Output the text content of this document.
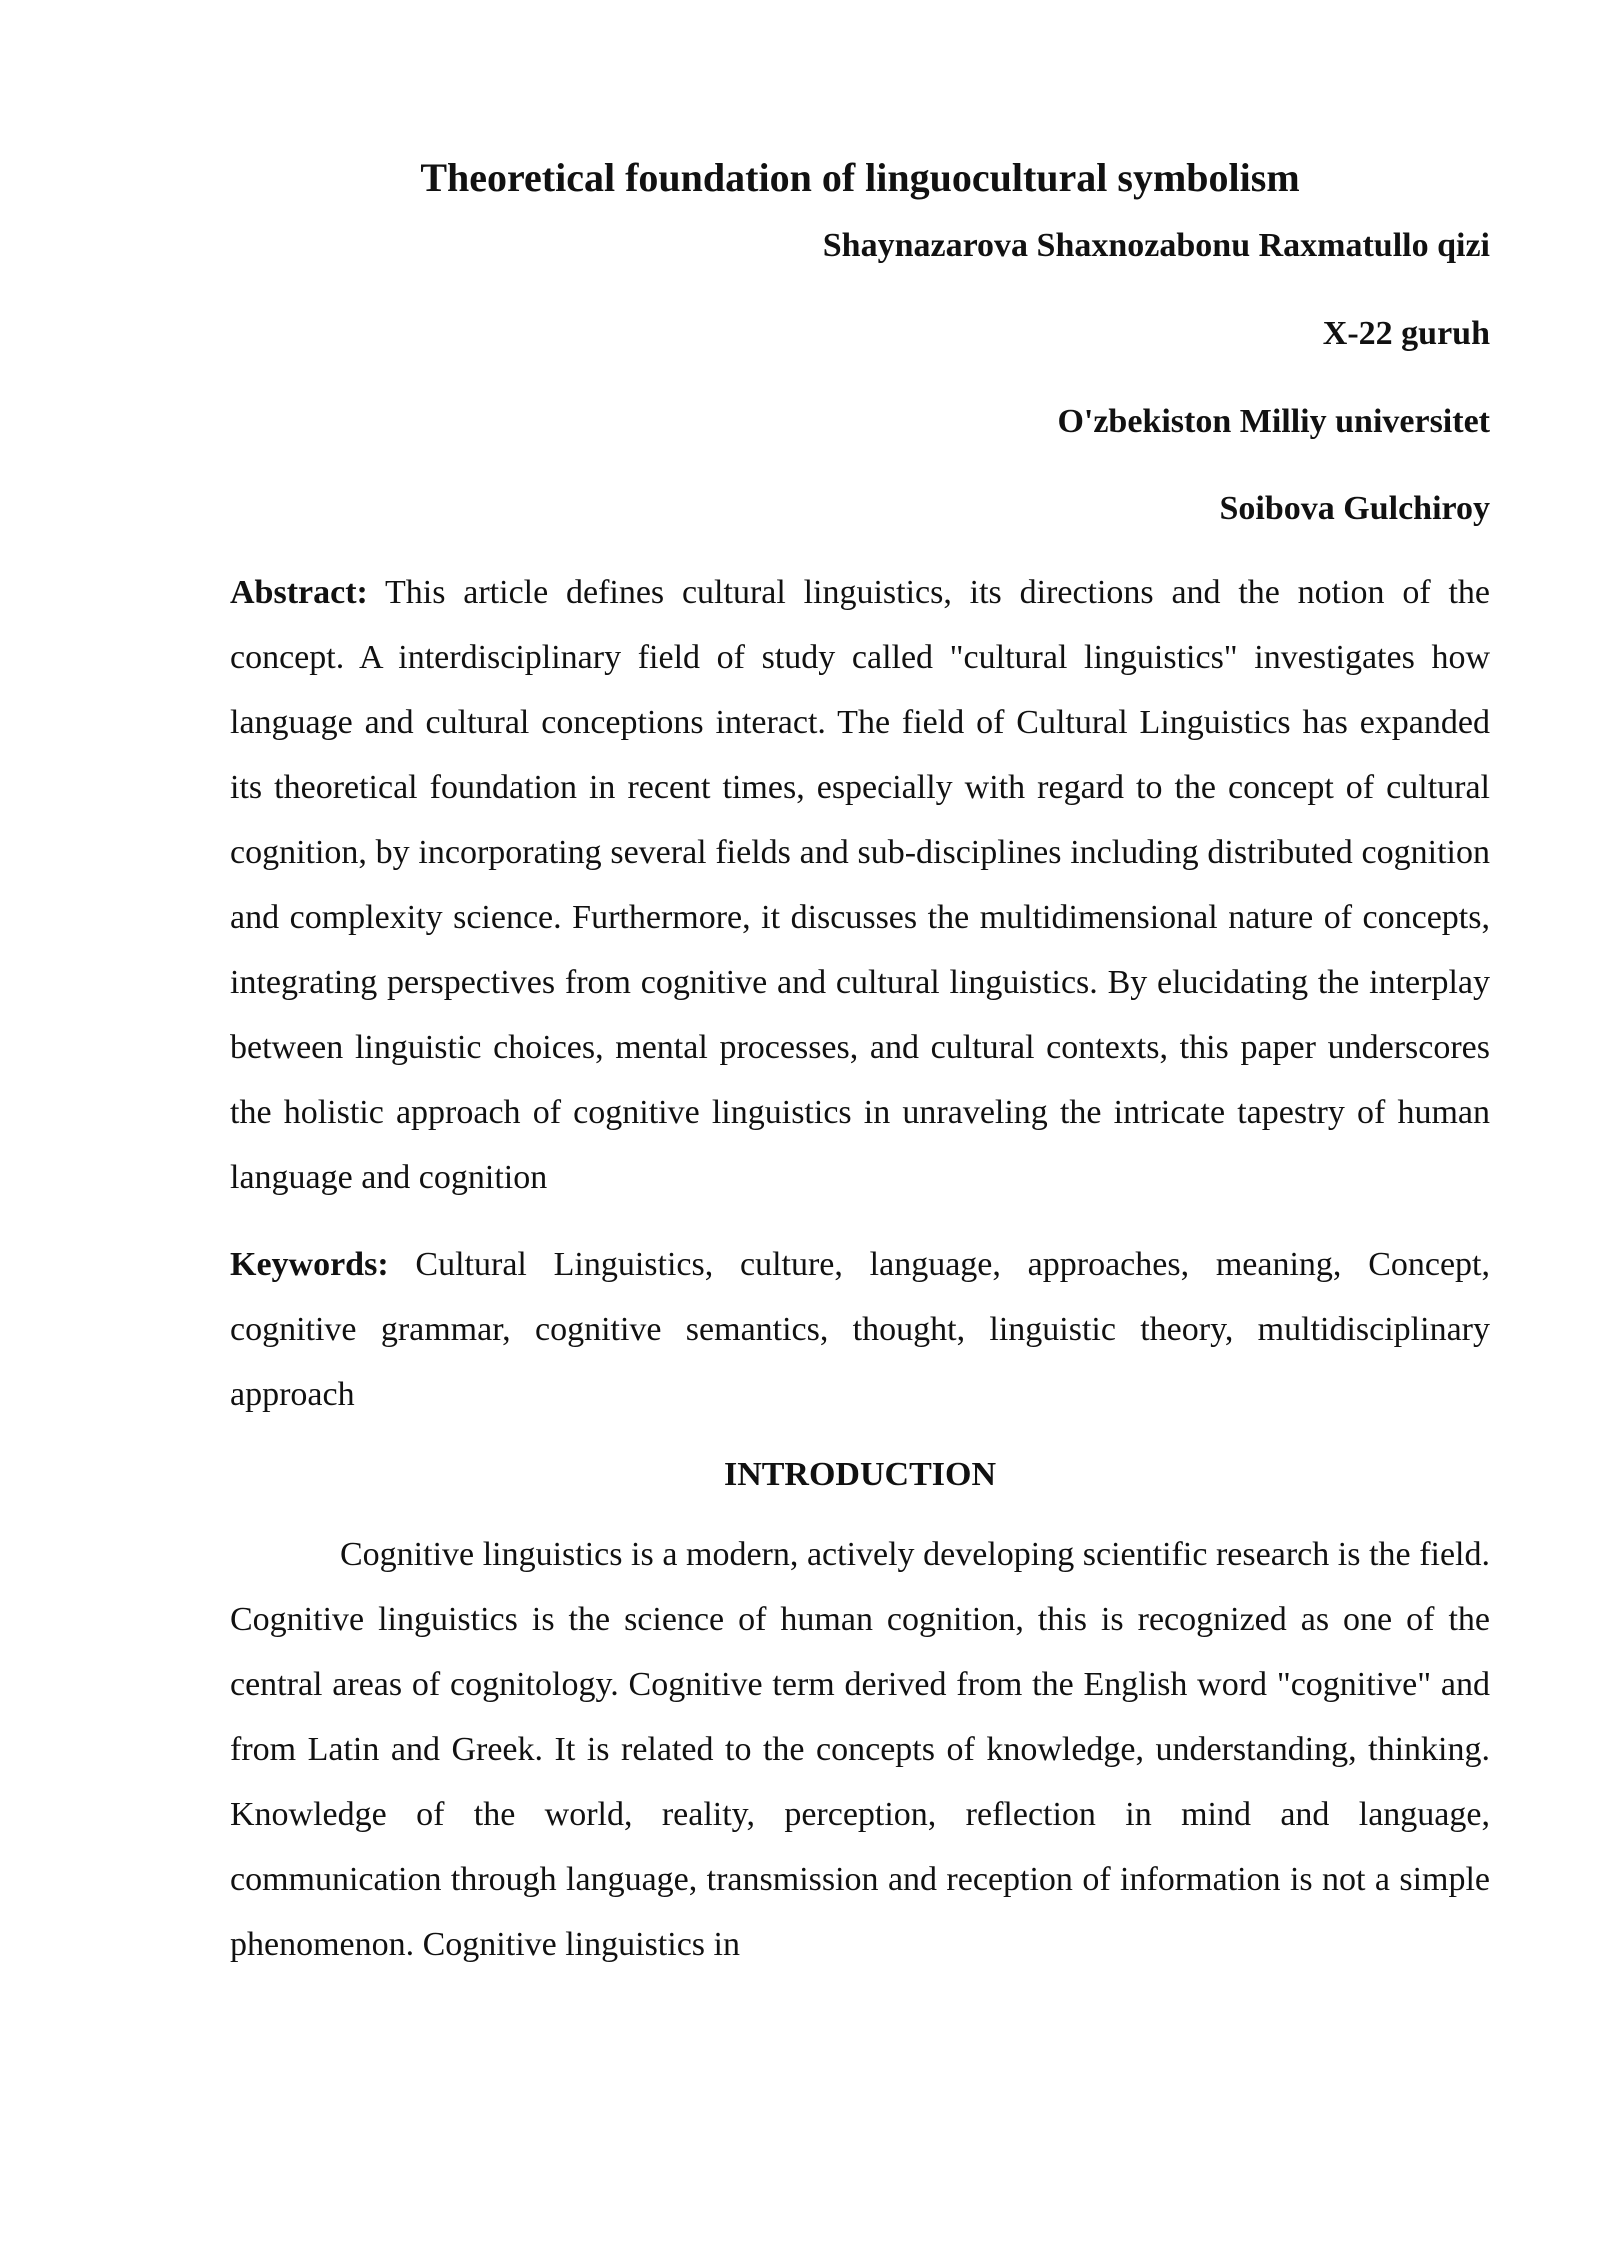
Theoretical foundation of linguocultural symbolism
Shaynazarova Shaxnozabonu Raxmatullo qizi
X-22 guruh
O'zbekiston Milliy universitet
Soibova Gulchiroy

Abstract: This article defines cultural linguistics, its directions and the notion of the concept. A interdisciplinary field of study called "cultural linguistics" investigates how language and cultural conceptions interact. The field of Cultural Linguistics has expanded its theoretical foundation in recent times, especially with regard to the concept of cultural cognition, by incorporating several fields and sub-disciplines including distributed cognition and complexity science. Furthermore, it discusses the multidimensional nature of concepts, integrating perspectives from cognitive and cultural linguistics. By elucidating the interplay between linguistic choices, mental processes, and cultural contexts, this paper underscores the holistic approach of cognitive linguistics in unraveling the intricate tapestry of human language and cognition

Keywords: Cultural Linguistics, culture, language, approaches, meaning, Concept, cognitive grammar, cognitive semantics, thought, linguistic theory, multidisciplinary approach

INTRODUCTION

Cognitive linguistics is a modern, actively developing scientific research is the field. Cognitive linguistics is the science of human cognition, this is recognized as one of the central areas of cognitology. Cognitive term derived from the English word "cognitive" and from Latin and Greek. It is related to the concepts of knowledge, understanding, thinking. Knowledge of the world, reality, perception, reflection in mind and language, communication through language, transmission and reception of information is not a simple phenomenon. Cognitive linguistics in
